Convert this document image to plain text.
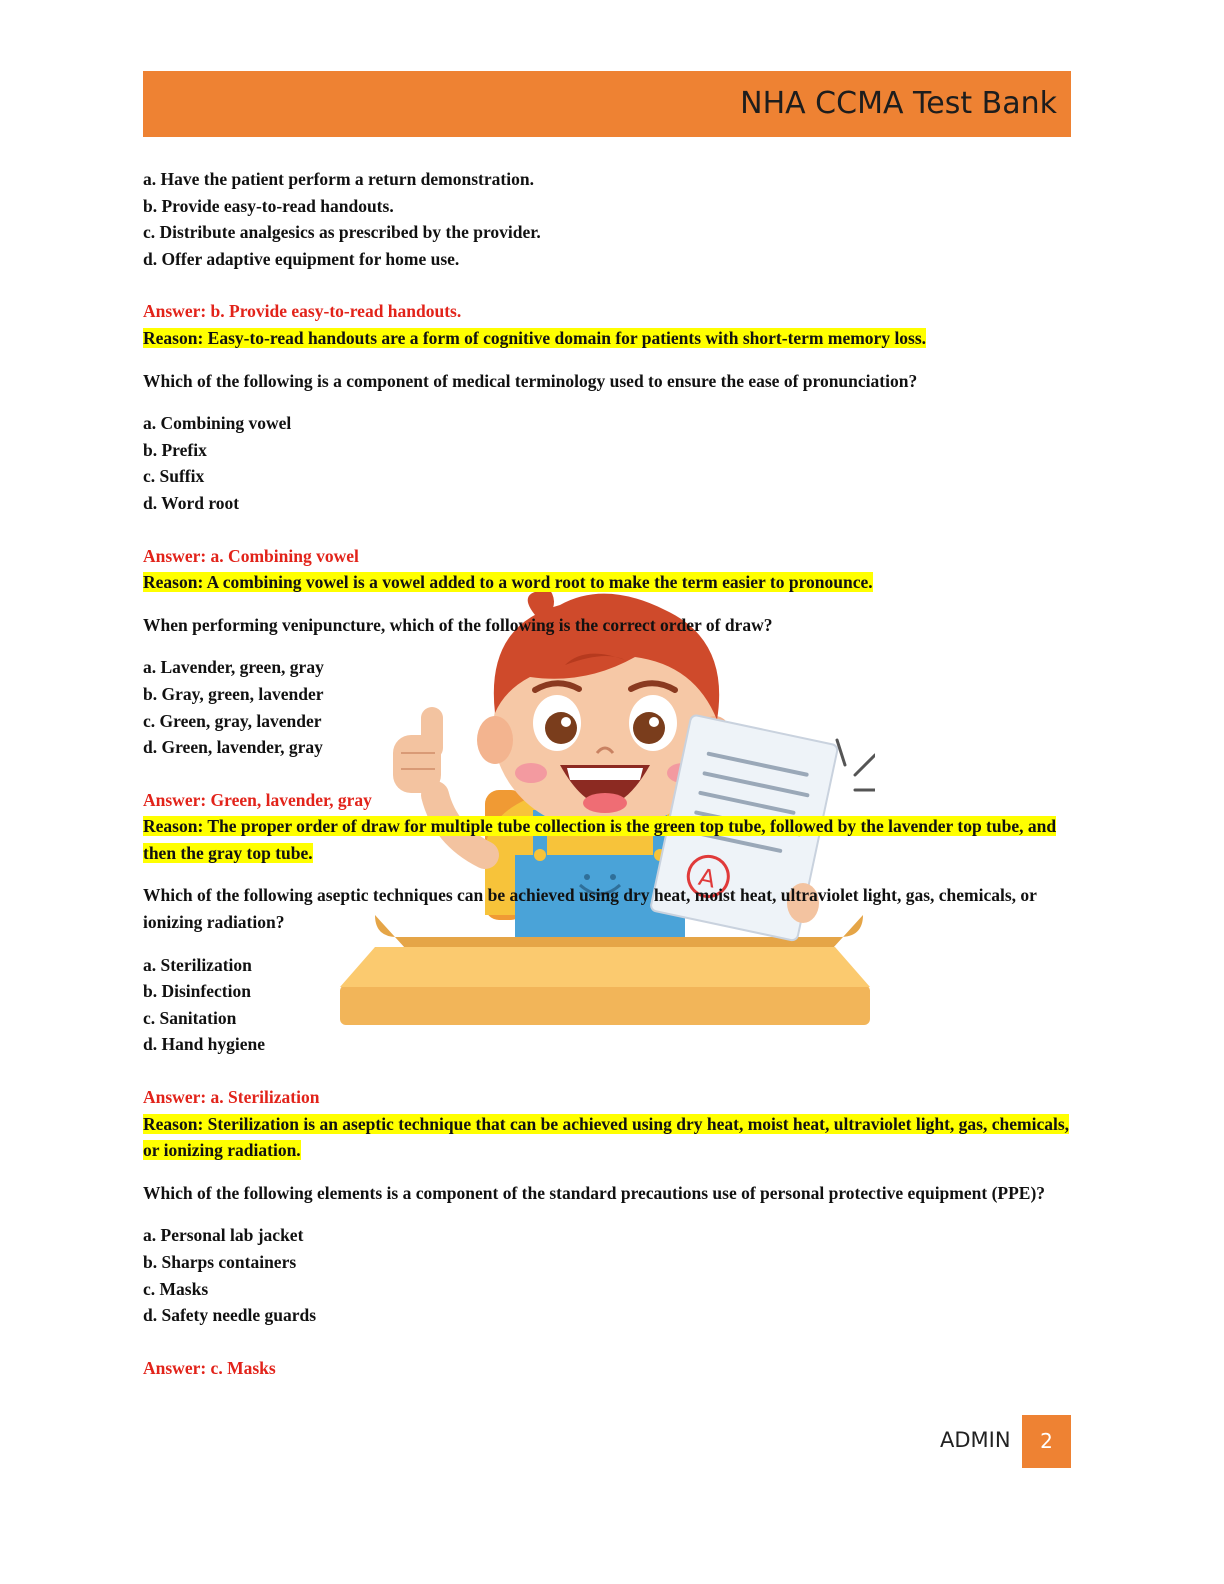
NHA CCMA Test Bank
A

a. Have the patient perform a return demonstration.

b. Provide easy-to-read handouts.

c. Distribute analgesics as prescribed by the provider.

d. Offer adaptive equipment for home use.

Answer: b. Provide easy-to-read handouts.

Reason: Easy-to-read handouts are a form of cognitive domain for patients with short-term memory loss.

Which of the following is a component of medical terminology used to ensure the ease of pronunciation?

a. Combining vowel

b. Prefix

c. Suffix

d. Word root

Answer: a. Combining vowel

Reason: A combining vowel is a vowel added to a word root to make the term easier to pronounce.

When performing venipuncture, which of the following is the correct order of draw?

a. Lavender, green, gray

b. Gray, green, lavender

c. Green, gray, lavender

d. Green, lavender, gray

Answer: Green, lavender, gray

Reason: The proper order of draw for multiple tube collection is the green top tube, followed by the lavender top tube, and then the gray top tube.

Which of the following aseptic techniques can be achieved using dry heat, moist heat, ultraviolet light, gas, chemicals, or ionizing radiation?

a. Sterilization

b. Disinfection

c. Sanitation

d. Hand hygiene

Answer: a. Sterilization

Reason: Sterilization is an aseptic technique that can be achieved using dry heat, moist heat, ultraviolet light, gas, chemicals, or ionizing radiation.

Which of the following elements is a component of the standard precautions use of personal protective equipment (PPE)?

a. Personal lab jacket

b. Sharps containers

c. Masks

d. Safety needle guards

Answer: c. Masks

ADMIN	2
